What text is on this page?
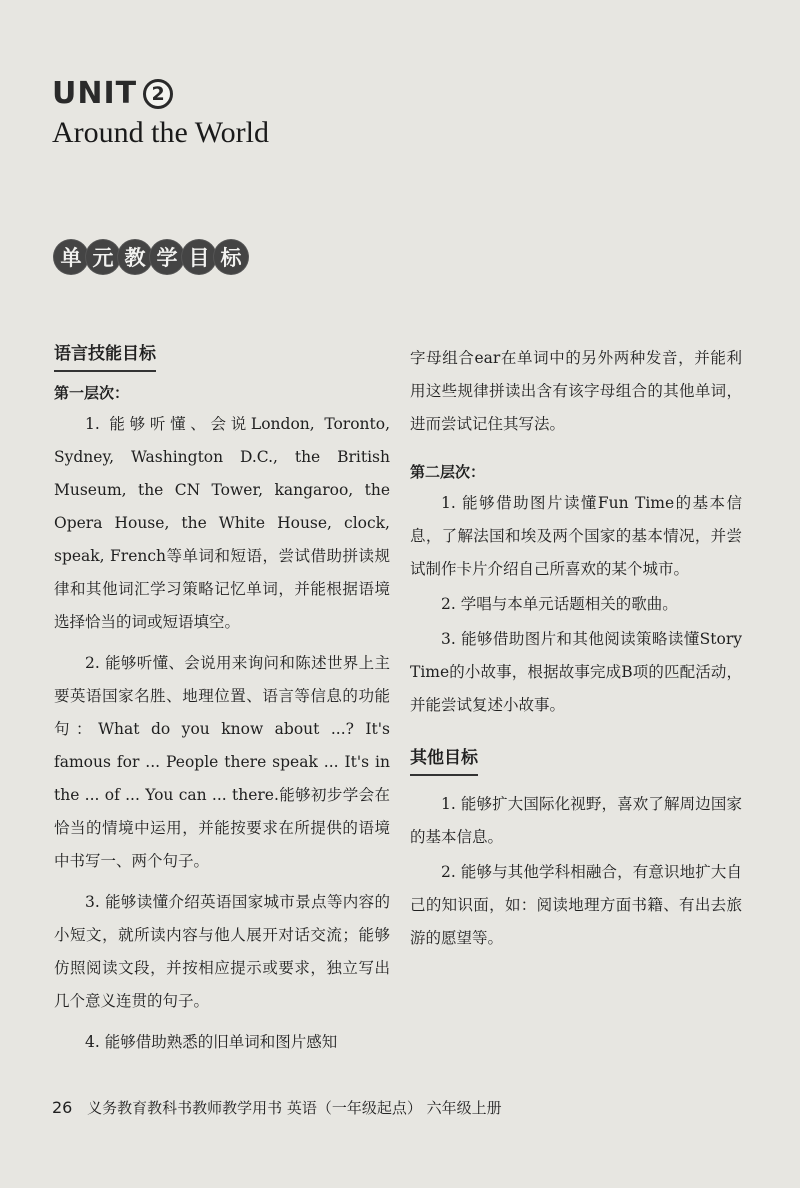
UNIT 2
Around the World
单 元 教 学 目 标
语言技能目标
第一层次：

1. 能够听懂、会说London, Toronto, Sydney, Washington D.C., the British Museum, the CN Tower, kangaroo, the Opera House, the White House, clock, speak, French等单词和短语，尝试借助拼读规律和其他词汇学习策略记忆单词，并能根据语境选择恰当的词或短语填空。

2. 能够听懂、会说用来询问和陈述世界上主要英语国家名胜、地理位置、语言等信息的功能句：What do you know about ...? It's famous for ... People there speak ... It's in the ... of ... You can ... there.能够初步学会在恰当的情境中运用，并能按要求在所提供的语境中书写一、两个句子。

3. 能够读懂介绍英语国家城市景点等内容的小短文，就所读内容与他人展开对话交流；能够仿照阅读文段，并按相应提示或要求，独立写出几个意义连贯的句子。

4. 能够借助熟悉的旧单词和图片感知

字母组合ear在单词中的另外两种发音，并能利用这些规律拼读出含有该字母组合的其他单词，进而尝试记住其写法。

第二层次：

1. 能够借助图片读懂Fun Time的基本信息，了解法国和埃及两个国家的基本情况，并尝试制作卡片介绍自己所喜欢的某个城市。

2. 学唱与本单元话题相关的歌曲。

3. 能够借助图片和其他阅读策略读懂Story Time的小故事，根据故事完成B项的匹配活动，并能尝试复述小故事。

其他目标

1. 能够扩大国际化视野，喜欢了解周边国家的基本信息。

2. 能够与其他学科相融合，有意识地扩大自己的知识面，如：阅读地理方面书籍、有出去旅游的愿望等。

26 义务教育教科书教师教学用书 英语（一年级起点） 六年级上册
